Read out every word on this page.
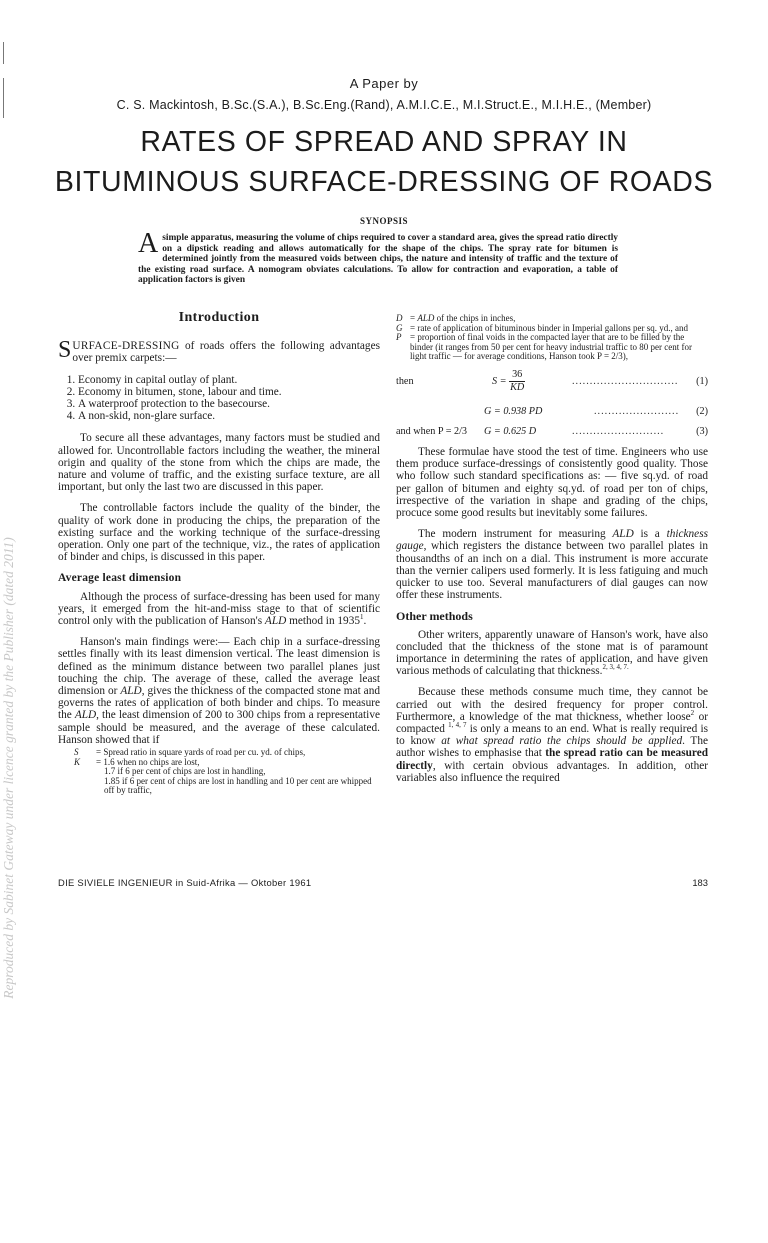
Reproduced by Sabinet Gateway under licence granted by the Publisher (dated 2011)
A Paper by
C. S. Mackintosh, B.Sc.(S.A.), B.Sc.Eng.(Rand), A.M.I.C.E., M.I.Struct.E., M.I.H.E., (Member)
RATES OF SPREAD AND SPRAY IN
BITUMINOUS SURFACE-DRESSING OF ROADS
SYNOPSIS
Asimple apparatus, measuring the volume of chips required to cover a standard area, gives the spread ratio directly on a dipstick reading and allows automatically for the shape of the chips. The spray rate for bitumen is determined jointly from the measured voids between chips, the nature and intensity of traffic and the texture of the existing road surface. A nomogram obviates calculations. To allow for contraction and evaporation, a table of application factors is given
Introduction

SURFACE-DRESSING of roads offers the following advantages over premix carpets:—

1. Economy in capital outlay of plant.
2. Economy in bitumen, stone, labour and time.
3. A waterproof protection to the basecourse.
4. A non-skid, non-glare surface.

To secure all these advantages, many factors must be studied and allowed for. Uncontrollable factors including the weather, the mineral origin and quality of the stone from which the chips are made, the nature and volume of traffic, and the existing surface texture, are all important, but only the last two are discussed in this paper.

The controllable factors include the quality of the binder, the quality of work done in producing the chips, the preparation of the existing surface and the working technique of the surface-dressing operation. Only one part of the technique, viz., the rates of application of binder and chips, is discussed in this paper.

Average least dimension

Although the process of surface-dressing has been used for many years, it emerged from the hit-and-miss stage to that of scientific control only with the publication of Hanson's ALD method in 1935$^1$.

Hanson's main findings were:— Each chip in a surface-dressing settles finally with its least dimension vertical. The least dimension is defined as the minimum distance between two parallel planes just touching the chip. The average of these, called the average least dimension or ALD, gives the thickness of the compacted stone mat and governs the rates of application of both binder and chips. To measure the ALD, the least dimension of 200 to 300 chips from a representative sample should be measured, and the average of these calculated. Hanson showed that if

S	= Spread ratio in square yards of road per cu. yd. of chips,
K	= 1.6 when no chips are lost,
1.7 if 6 per cent of chips are lost in handling,
1.85 if 6 per cent of chips are lost in handling and 10 per cent are whipped off by traffic,
D = ALD of the chips in inches,
G = rate of application of bituminous binder in Imperial gallons per sq. yd., and
P = proportion of final voids in the compacted layer that are to be filled by the binder (it ranges from 50 per cent for heavy industrial traffic to 80 per cent for light traffic — for average conditions, Hanson took P = 2/3),
then	$S = \frac{36}{KD}$	..............................	(1)
G = 0.938 PD	........................	(2)
and when P = 2/3	G = 0.625 D	..........................	(3)

These formulae have stood the test of time. Engineers who use them produce surface-dressings of consistently good quality. Those who follow such standard specifications as: — five sq.yd. of road per gallon of bitumen and eighty sq.yd. of road per ton of chips, irrespective of the variation in shape and grading of the chips, procuce some good results but inevitably some failures.

The modern instrument for measuring ALD is a thickness gauge, which registers the distance between two parallel plates in thousandths of an inch on a dial. This instrument is more accurate than the vernier calipers used formerly. It is less fatiguing and much quicker to use too. Several manufacturers of dial gauges can now offer these instruments.

Other methods

Other writers, apparently unaware of Hanson's work, have also concluded that the thickness of the stone mat is of paramount importance in determining the rates of application, and have given various methods of calculating that thickness.$^{2, 3, 4, 7.}$

Because these methods consume much time, they cannot be carried out with the desired frequency for proper control. Furthermore, a knowledge of the mat thickness, whether loose$^2$ or compacted $^{1, 4, 7}$ is only a means to an end. What is really required is to know at what spread ratio the chips should be applied. The author wishes to emphasise that the spread ratio can be measured directly, with certain obvious advantages. In addition, other variables also influence the required

DIE SIVIELE INGENIEUR in Suid-Afrika — Oktober 1961	183
